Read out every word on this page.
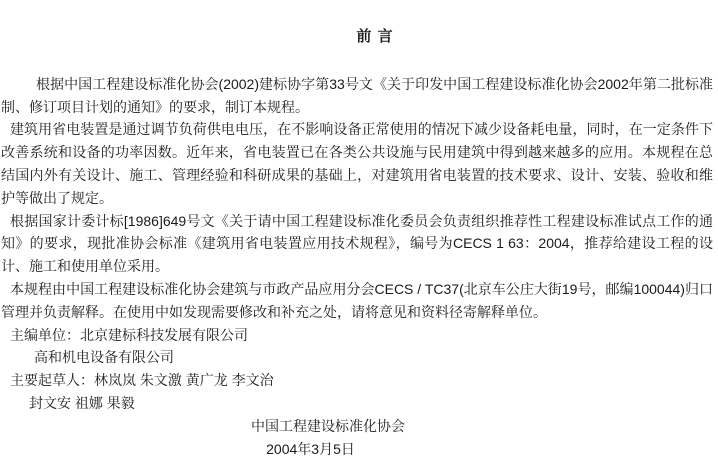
前 言

根据中国工程建设标准化协会(2002)建标协字第33号文《关于印发中国工程建设标准化协会2002年第二批标准制、修订项目计划的通知》的要求，制订本规程。

建筑用省电装置是通过调节负荷供电电压，在不影响设备正常使用的情况下减少设备耗电量，同时，在一定条件下改善系统和设备的功率因数。近年来，省电装置已在各类公共设施与民用建筑中得到越来越多的应用。本规程在总结国内外有关设计、施工、管理经验和科研成果的基础上，对建筑用省电装置的技术要求、设计、安装、验收和维护等做出了规定。

根据国家计委计标[1986]649号文《关于请中国工程建设标准化委员会负责组织推荐性工程建设标准试点工作的通知》的要求，现批准协会标准《建筑用省电装置应用技术规程》，编号为CECS 1 63：2004，推荐给建设工程的设计、施工和使用单位采用。

本规程由中国工程建设标准化协会建筑与市政产品应用分会CECS / TC37(北京车公庄大街19号，邮编100044)归口管理并负责解释。在使用中如发现需要修改和补充之处，请将意见和资料径寄解释单位。

主编单位：北京建标科技发展有限公司

高和机电设备有限公司

主要起草人：林岚岚 朱文激 黄广龙 李文治

封文安 祖娜 果毅

中国工程建设标准化协会

2004年3月5日
